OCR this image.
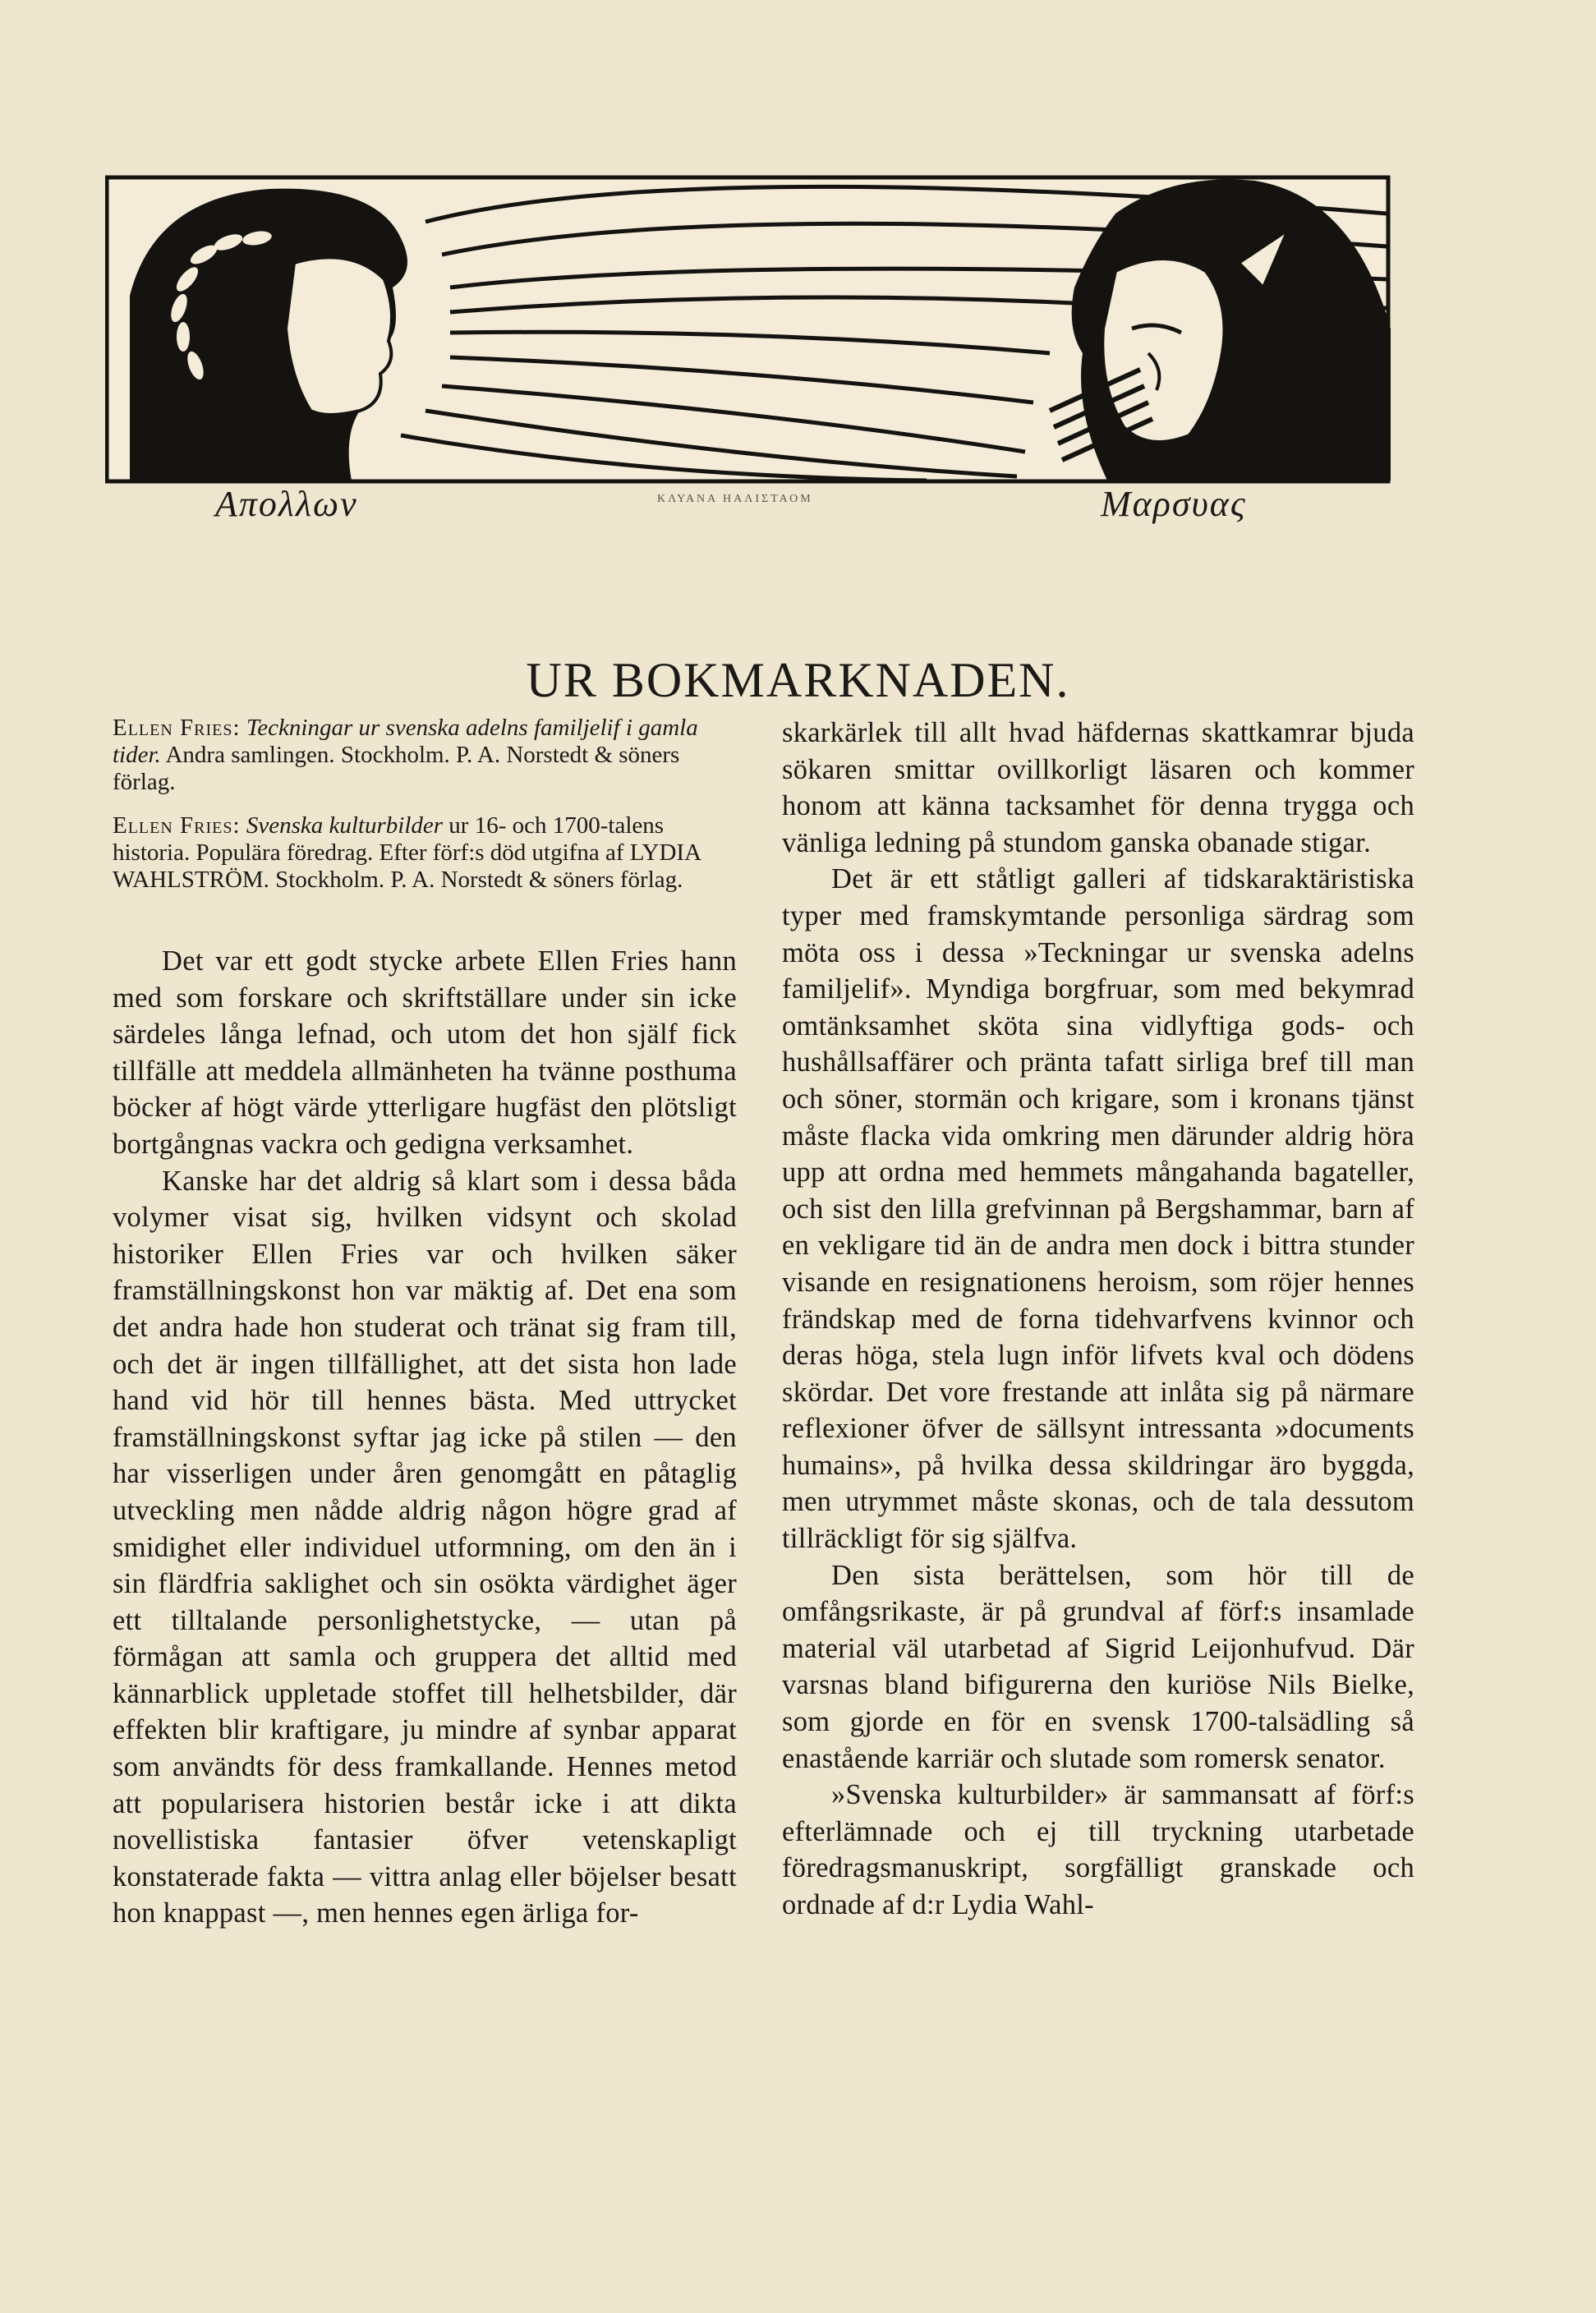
Απολλων	ΚΛΥΑΝΑ ΗΑΛΙΣΤΑΟΜ	Μαρσυας
UR BOKMARKNADEN.

Ellen Fries: Teckningar ur svenska adelns familjelif i gamla tider. Andra samlingen. Stockholm. P. A. Norstedt & söners förlag.

Ellen Fries: Svenska kulturbilder ur 16- och 1700-talens historia. Populära föredrag. Efter förf:s död utgifna af LYDIA WAHLSTRÖM. Stockholm. P. A. Norstedt & söners förlag.

Det var ett godt stycke arbete Ellen Fries hann med som forskare och skriftställare under sin icke särdeles långa lefnad, och utom det hon själf fick tillfälle att meddela allmänheten ha tvänne posthuma böcker af högt värde ytterligare hugfäst den plötsligt bortgångnas vackra och gedigna verksamhet.

Kanske har det aldrig så klart som i dessa båda volymer visat sig, hvilken vidsynt och skolad historiker Ellen Fries var och hvilken säker framställningskonst hon var mäktig af. Det ena som det andra hade hon studerat och tränat sig fram till, och det är ingen tillfällighet, att det sista hon lade hand vid hör till hennes bästa. Med uttrycket framställningskonst syftar jag icke på stilen — den har visserligen under åren genomgått en påtaglig utveckling men nådde aldrig någon högre grad af smidighet eller individuel utformning, om den än i sin flärdfria saklighet och sin osökta värdighet äger ett tilltalande personlighetstycke, — utan på förmågan att samla och gruppera det alltid med kännarblick uppletade stoffet till helhetsbilder, där effekten blir kraftigare, ju mindre af synbar apparat som användts för dess framkallande. Hennes metod att popularisera historien består icke i att dikta novellistiska fantasier öfver vetenskapligt konstaterade fakta — vittra anlag eller böjelser besatt hon knappast —, men hennes egen ärliga for-

skarkärlek till allt hvad häfdernas skattkamrar bjuda sökaren smittar ovillkorligt läsaren och kommer honom att känna tacksamhet för denna trygga och vänliga ledning på stundom ganska obanade stigar.

Det är ett ståtligt galleri af tidskaraktäristiska typer med framskymtande personliga särdrag som möta oss i dessa »Teckningar ur svenska adelns familjelif». Myndiga borgfruar, som med bekymrad omtänksamhet sköta sina vidlyftiga gods- och hushållsaffärer och pränta tafatt sirliga bref till man och söner, stormän och krigare, som i kronans tjänst måste flacka vida omkring men därunder aldrig höra upp att ordna med hemmets mångahanda bagateller, och sist den lilla grefvinnan på Bergshammar, barn af en vekligare tid än de andra men dock i bittra stunder visande en resignationens heroism, som röjer hennes frändskap med de forna tidehvarfvens kvinnor och deras höga, stela lugn inför lifvets kval och dödens skördar. Det vore frestande att inlåta sig på närmare reflexioner öfver de sällsynt intressanta »documents humains», på hvilka dessa skildringar äro byggda, men utrymmet måste skonas, och de tala dessutom tillräckligt för sig själfva.

Den sista berättelsen, som hör till de omfångsrikaste, är på grundval af förf:s insamlade material väl utarbetad af Sigrid Leijonhufvud. Där varsnas bland bifigurerna den kuriöse Nils Bielke, som gjorde en för en svensk 1700-talsädling så enastående karriär och slutade som romersk senator.

»Svenska kulturbilder» är sammansatt af förf:s efterlämnade och ej till tryckning utarbetade föredragsmanuskript, sorgfälligt granskade och ordnade af d:r Lydia Wahl-
